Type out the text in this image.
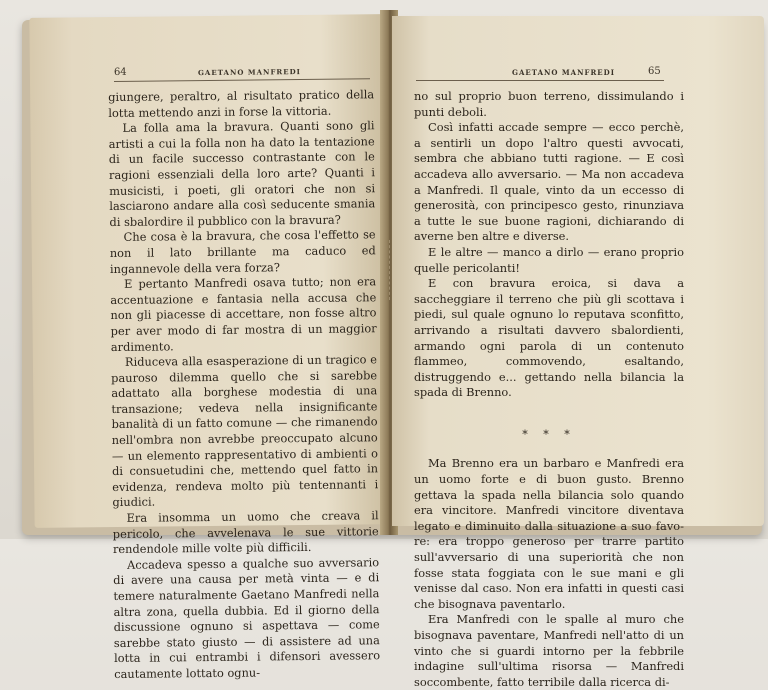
64	GAETANO MANFREDI

giungere, peraltro, al risultato pratico della lotta mettendo anzi in forse la vittoria.

La folla ama la bravura. Quanti sono gli artisti a cui la folla non ha dato la tentazione di un facile successo contrastante con le ragioni essenziali della loro arte? Quanti i musicisti, i poeti, gli oratori che non si lasciarono andare alla così seducente smania di sbalordire il pubblico con la bravura?

Che cosa è la bravura, che cosa l'effetto se non il lato brillante ma caduco ed ingannevole della vera forza?

E pertanto Manfredi osava tutto; non era accentuazione e fantasia nella accusa che non gli piacesse di accettare, non fosse altro per aver modo di far mostra di un maggior ardimento.

Riduceva alla esasperazione di un tragico e pauroso dilemma quello che si sarebbe adattato alla borghese modestia di una transazione; vedeva nella insignificante banalità di un fatto comune — che rimanendo nell'ombra non avrebbe preoccupato alcuno — un elemento rappresentativo di ambienti o di consuetudini che, mettendo quel fatto in evidenza, rendeva molto più tentennanti i giudici.

Era insomma un uomo che creava il pericolo, che avvelenava le sue vittorie rendendole mille volte più difficili.

Accadeva spesso a qualche suo avversario di avere una causa per metà vinta — e di temere naturalmente Gaetano Manfredi nella altra zona, quella dubbia. Ed il giorno della discussione ognuno si aspettava — come sarebbe stato giusto — di assistere ad una lotta in cui entrambi i difensori avessero cautamente lottato ognu-

GAETANO MANFREDI	65

no sul proprio buon terreno, dissimulando i punti deboli.

Così infatti accade sempre — ecco perchè, a sentirli un dopo l'altro questi avvocati, sembra che abbiano tutti ragione. — E così accadeva allo avversario. — Ma non accadeva a Manfredi. Il quale, vinto da un eccesso di generosità, con principesco gesto, rinunziava a tutte le sue buone ragioni, dichiarando di averne ben altre e diverse.

E le altre — manco a dirlo — erano proprio quelle pericolanti!

E con bravura eroica, si dava a saccheggiare il terreno che più gli scottava i piedi, sul quale ognuno lo reputava sconfitto, arrivando a risultati davvero sbalordienti, armando ogni parola di un contenuto flammeo, commovendo, esaltando, distruggendo e... gettando nella bilancia la spada di Brenno.

* * *

Ma Brenno era un barbaro e Manfredi era un uomo forte e di buon gusto. Brenno gettava la spada nella bilancia solo quando era vincitore. Manfredi vincitore diventava legato e diminuito dalla situazione a suo favore: era troppo generoso per trarre partito sull'avversario di una superiorità che non fosse stata foggiata con le sue mani e gli venisse dal caso. Non era infatti in questi casi che bisognava paventarlo.

Era Manfredi con le spalle al muro che bisognava paventare, Manfredi nell'atto di un vinto che si guardi intorno per la febbrile indagine sull'ultima risorsa — Manfredi soccombente, fatto terribile dalla ricerca di-
